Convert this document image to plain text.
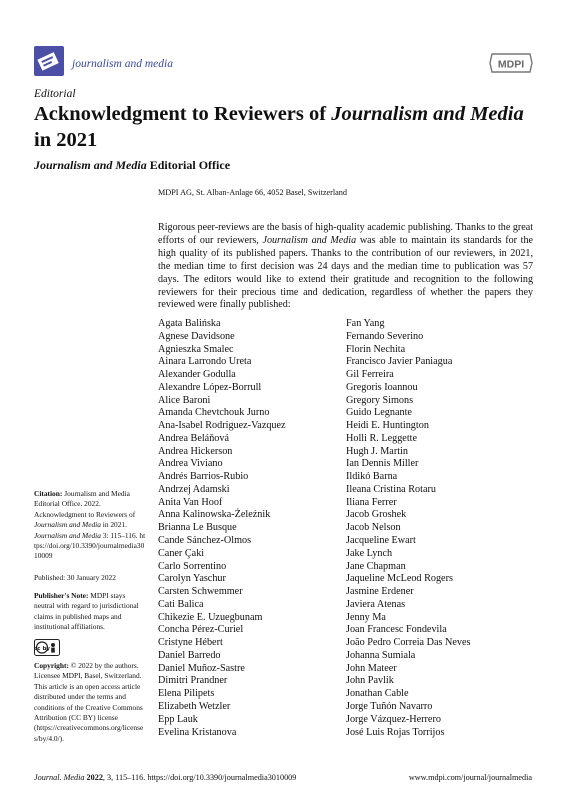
journalism and media	MDPI
Editorial
Acknowledgment to Reviewers of Journalism and Media
in 2021
Journalism and Media Editorial Office
MDPI AG, St. Alban-Anlage 66, 4052 Basel, Switzerland
Rigorous peer-reviews are the basis of high-quality academic publishing. Thanks to the great efforts of our reviewers, Journalism and Media was able to maintain its standards for the high quality of its published papers. Thanks to the contribution of our reviewers, in 2021, the median time to first decision was 24 days and the median time to publication was 57 days. The editors would like to extend their gratitude and recognition to the following reviewers for their precious time and dedication, regardless of whether the papers they reviewed were finally published:
Agata Balińska
Agnese Davidsone
Agnieszka Smalec
Ainara Larrondo Ureta
Alexander Godulla
Alexandre López-Borrull
Alice Baroni
Amanda Chevtchouk Jurno
Ana-Isabel Rodriguez-Vazquez
Andrea Beláňová
Andrea Hickerson
Andrea Viviano
Andrés Barrios-Rubio
Andrzej Adamski
Anita Van Hoof
Anna Kalinowska-Żeleźnik
Brianna Le Busque
Cande Sánchez-Olmos
Caner Çaki
Carlo Sorrentino
Carolyn Yaschur
Carsten Schwemmer
Cati Balica
Chikezie E. Uzuegbunam
Concha Pérez-Curiel
Cristyne Hébert
Daniel Barredo
Daniel Muñoz-Sastre
Dimitri Prandner
Elena Pilipets
Elizabeth Wetzler
Epp Lauk
Evelina Kristanova
Fan Yang
Fernando Severino
Florin Nechita
Francisco Javier Paniagua
Gil Ferreira
Gregoris Ioannou
Gregory Simons
Guido Legnante
Heidi E. Huntington
Holli R. Leggette
Hugh J. Martin
Ian Dennis Miller
Ildikó Barna
Ileana Cristina Rotaru
Iliana Ferrer
Jacob Groshek
Jacob Nelson
Jacqueline Ewart
Jake Lynch
Jane Chapman
Jaqueline McLeod Rogers
Jasmine Erdener
Javiera Atenas
Jenny Ma
Joan Francesc Fondevila
João Pedro Correia Das Neves
Johanna Sumiala
John Mateer
John Pavlik
Jonathan Cable
Jorge Tuñón Navarro
Jorge Vázquez-Herrero
José Luis Rojas Torrijos
Citation: Journalism and Media Editorial Office. 2022. Acknowledgment to Reviewers of Journalism and Media in 2021. Journalism and Media 3: 115–116. https://doi.org/10.3390/journalmedia3010009
Published: 30 January 2022
Publisher's Note: MDPI stays neutral with regard to jurisdictional claims in published maps and institutional affiliations.
cc by
Copyright: © 2022 by the authors. Licensee MDPI, Basel, Switzerland. This article is an open access article distributed under the terms and conditions of the Creative Commons Attribution (CC BY) license (https://creativecommons.org/licenses/by/4.0/).
Journal. Media 2022, 3, 115–116. https://doi.org/10.3390/journalmedia3010009	www.mdpi.com/journal/journalmedia
